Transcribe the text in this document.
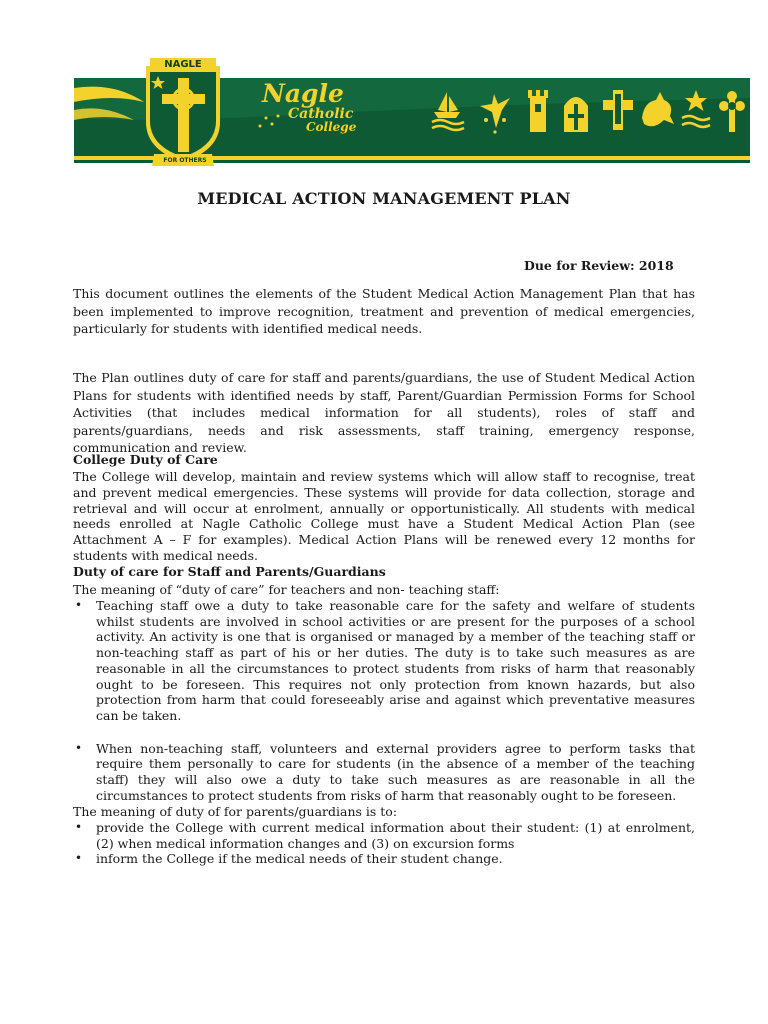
NAGLE
FOR OTHERS
Nagle
Catholic
College
MEDICAL ACTION MANAGEMENT PLAN
Due for Review: 2018

This document outlines the elements of the Student Medical Action Management Plan that has been implemented to improve recognition, treatment and prevention of medical emergencies, particularly for students with identified medical needs.

The Plan outlines duty of care for staff and parents/guardians, the use of Student Medical Action Plans for students with identified needs by staff, Parent/Guardian Permission Forms for School Activities (that includes medical information for all students), roles of staff and parents/guardians, needs and risk assessments, staff training, emergency response, communication and review.

College Duty of Care

The College will develop, maintain and review systems which will allow staff to recognise, treat and prevent medical emergencies. These systems will provide for data collection, storage and retrieval and will occur at enrolment, annually or opportunistically. All students with medical needs enrolled at Nagle Catholic College must have a Student Medical Action Plan (see Attachment A – F for examples). Medical Action Plans will be renewed every 12 months for students with medical needs.

Duty of care for Staff and Parents/Guardians
The meaning of “duty of care” for teachers and non- teaching staff:
• Teaching staff owe a duty to take reasonable care for the safety and welfare of students whilst students are involved in school activities or are present for the purposes of a school activity. An activity is one that is organised or managed by a member of the teaching staff or non-teaching staff as part of his or her duties. The duty is to take such measures as are reasonable in all the circumstances to protect students from risks of harm that reasonably ought to be foreseen. This requires not only protection from known hazards, but also protection from harm that could foreseeably arise and against which preventative measures can be taken.
• When non-teaching staff, volunteers and external providers agree to perform tasks that require them personally to care for students (in the absence of a member of the teaching staff) they will also owe a duty to take such measures as are reasonable in all the circumstances to protect students from risks of harm that reasonably ought to be foreseen.
The meaning of duty of for parents/guardians is to:
• provide the College with current medical information about their student: (1) at enrolment, (2) when medical information changes and (3) on excursion forms
• inform the College if the medical needs of their student change.
